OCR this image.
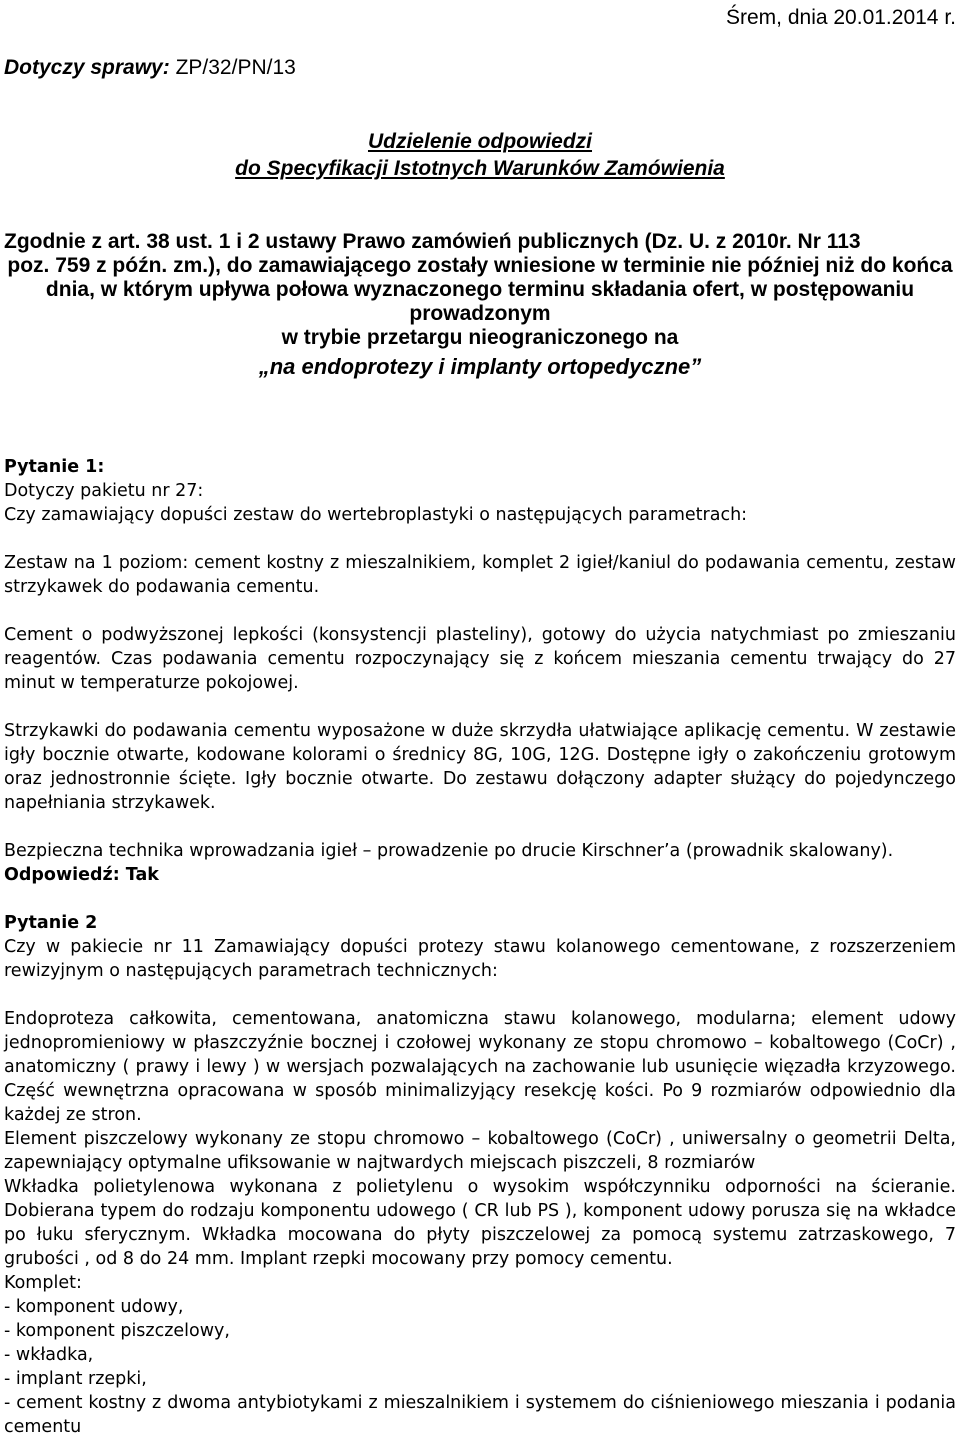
Śrem, dnia 20.01.2014 r.
Dotyczy sprawy: ZP/32/PN/13
Udzielenie odpowiedzi
do Specyfikacji Istotnych Warunków Zamówienia
Zgodnie z art. 38 ust. 1 i 2 ustawy Prawo zamówień publicznych (Dz. U. z 2010r. Nr 113
poz. 759 z późn. zm.), do zamawiającego zostały wniesione w terminie nie później niż do końca dnia, w którym upływa połowa wyznaczonego terminu składania ofert, w postępowaniu prowadzonym
w trybie przetargu nieograniczonego na
„na endoprotezy i implanty ortopedyczne”

Pytanie 1:

Dotyczy pakietu nr 27:

Czy zamawiający dopuści zestaw do wertebroplastyki o następujących parametrach:

Zestaw na 1 poziom: cement kostny z mieszalnikiem, komplet 2 igieł/kaniul do podawania cementu, zestaw strzykawek do podawania cementu.

Cement o podwyższonej lepkości (konsystencji plasteliny), gotowy do użycia natychmiast po zmieszaniu reagentów. Czas podawania cementu rozpoczynający się z końcem mieszania cementu trwający do 27 minut w temperaturze pokojowej.

Strzykawki do podawania cementu wyposażone w duże skrzydła ułatwiające aplikację cementu. W zestawie igły bocznie otwarte, kodowane kolorami o średnicy 8G, 10G, 12G. Dostępne igły o zakończeniu grotowym oraz jednostronnie ścięte. Igły bocznie otwarte. Do zestawu dołączony adapter służący do pojedynczego napełniania strzykawek.

Bezpieczna technika wprowadzania igieł – prowadzenie po drucie Kirschner’a (prowadnik skalowany).

Odpowiedź: Tak

Pytanie 2

Czy w pakiecie nr 11 Zamawiający dopuści protezy stawu kolanowego cementowane, z rozszerzeniem rewizyjnym o następujących parametrach technicznych:

Endoproteza całkowita, cementowana, anatomiczna stawu kolanowego, modularna; element udowy jednopromieniowy w płaszczyźnie bocznej i czołowej wykonany ze stopu chromowo – kobaltowego (CoCr) , anatomiczny ( prawy i lewy ) w wersjach pozwalających na zachowanie lub usunięcie więzadła krzyzowego. Część wewnętrzna opracowana w sposób minimalizyjący resekcję kości. Po 9 rozmiarów odpowiednio dla każdej ze stron.

Element piszczelowy wykonany ze stopu chromowo – kobaltowego (CoCr) , uniwersalny o geometrii Delta, zapewniający optymalne ufiksowanie w najtwardych miejscach piszczeli, 8 rozmiarów

Wkładka polietylenowa wykonana z polietylenu o wysokim współczynniku odporności na ścieranie. Dobierana typem do rodzaju komponentu udowego ( CR lub PS ), komponent udowy porusza się na wkładce po łuku sferycznym. Wkładka mocowana do płyty piszczelowej za pomocą systemu zatrzaskowego, 7 grubości , od 8 do 24 mm. Implant rzepki mocowany przy pomocy cementu.

Komplet:

- komponent udowy,

- komponent piszczelowy,

- wkładka,

- implant rzepki,

- cement kostny z dwoma antybiotykami z mieszalnikiem i systemem do ciśnieniowego mieszania i podania cementu
